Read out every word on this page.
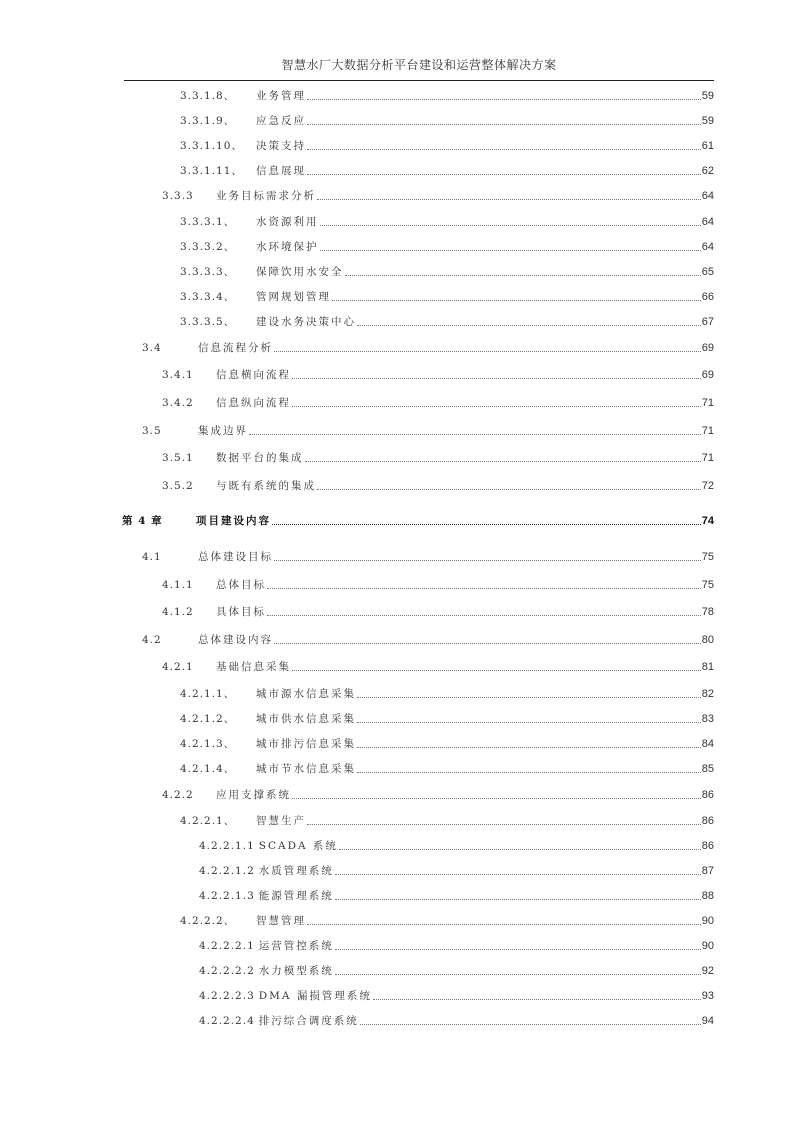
智慧水厂大数据分析平台建设和运营整体解决方案
3.3.1.8、	业务管理	59
3.3.1.9、	应急反应	59
3.3.1.10、	决策支持	61
3.3.1.11、	信息展现	62
3.3.3	业务目标需求分析	64
3.3.3.1、	水资源利用	64
3.3.3.2、	水环境保护	64
3.3.3.3、	保障饮用水安全	65
3.3.3.4、	管网规划管理	66
3.3.3.5、	建设水务决策中心	67
3.4	信息流程分析	69
3.4.1	信息横向流程	69
3.4.2	信息纵向流程	71
3.5	集成边界	71
3.5.1	数据平台的集成	71
3.5.2	与既有系统的集成	72
第 4 章	项目建设内容	74
4.1	总体建设目标	75
4.1.1	总体目标	75
4.1.2	具体目标	78
4.2	总体建设内容	80
4.2.1	基础信息采集	81
4.2.1.1、	城市源水信息采集	82
4.2.1.2、	城市供水信息采集	83
4.2.1.3、	城市排污信息采集	84
4.2.1.4、	城市节水信息采集	85
4.2.2	应用支撑系统	86
4.2.2.1、	智慧生产	86
4.2.2.1.1 SCADA 系统	86
4.2.2.1.2 水质管理系统	87
4.2.2.1.3 能源管理系统	88
4.2.2.2、	智慧管理	90
4.2.2.2.1 运营管控系统	90
4.2.2.2.2 水力模型系统	92
4.2.2.2.3 DMA 漏损管理系统	93
4.2.2.2.4 排污综合调度系统	94
